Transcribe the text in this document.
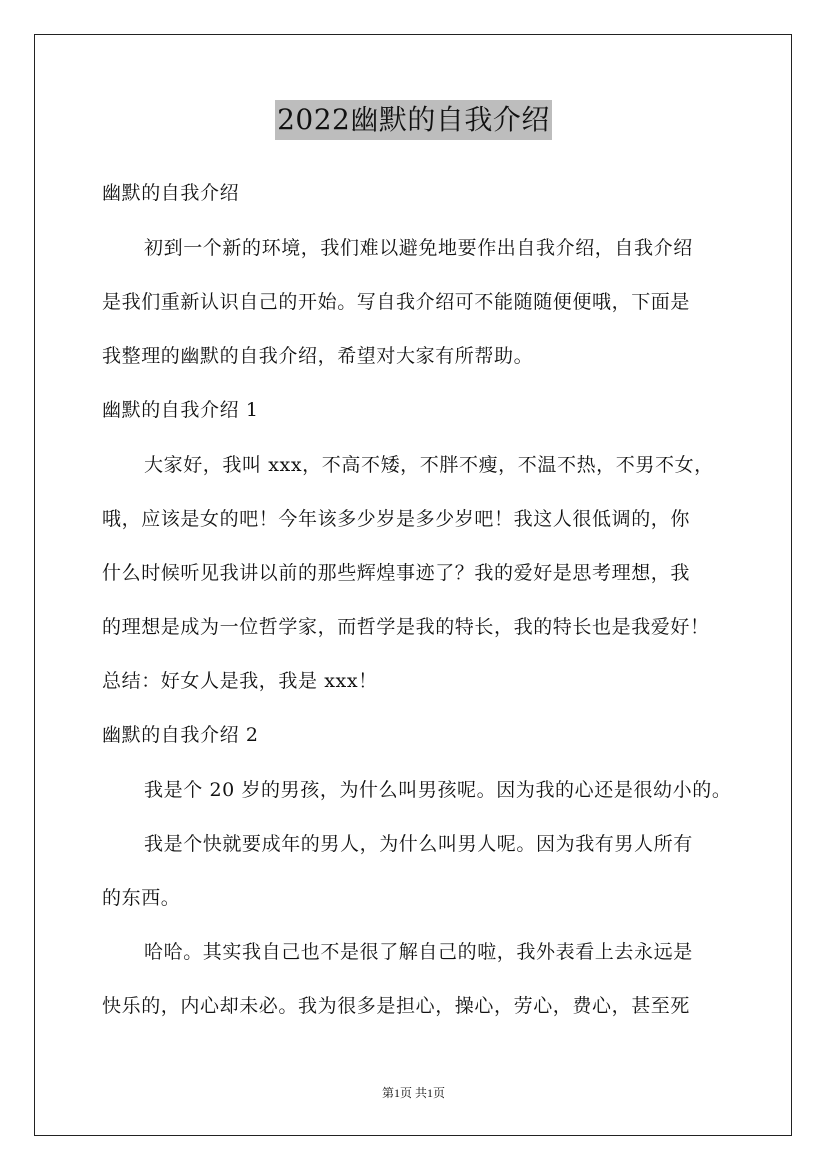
2022幽默的自我介绍
幽默的自我介绍
初到一个新的环境，我们难以避免地要作出自我介绍，自我介绍
是我们重新认识自己的开始。写自我介绍可不能随随便便哦，下面是
我整理的幽默的自我介绍，希望对大家有所帮助。
幽默的自我介绍 1
大家好，我叫 xxx，不高不矮，不胖不瘦，不温不热，不男不女，
哦，应该是女的吧！今年该多少岁是多少岁吧！我这人很低调的，你
什么时候听见我讲以前的那些辉煌事迹了？我的爱好是思考理想，我
的理想是成为一位哲学家，而哲学是我的特长，我的特长也是我爱好！
总结：好女人是我，我是 xxx！
幽默的自我介绍 2
我是个 20 岁的男孩，为什么叫男孩呢。因为我的心还是很幼小的。
我是个快就要成年的男人，为什么叫男人呢。因为我有男人所有
的东西。
哈哈。其实我自己也不是很了解自己的啦，我外表看上去永远是
快乐的，内心却未必。我为很多是担心，操心，劳心，费心，甚至死
第1页 共1页
